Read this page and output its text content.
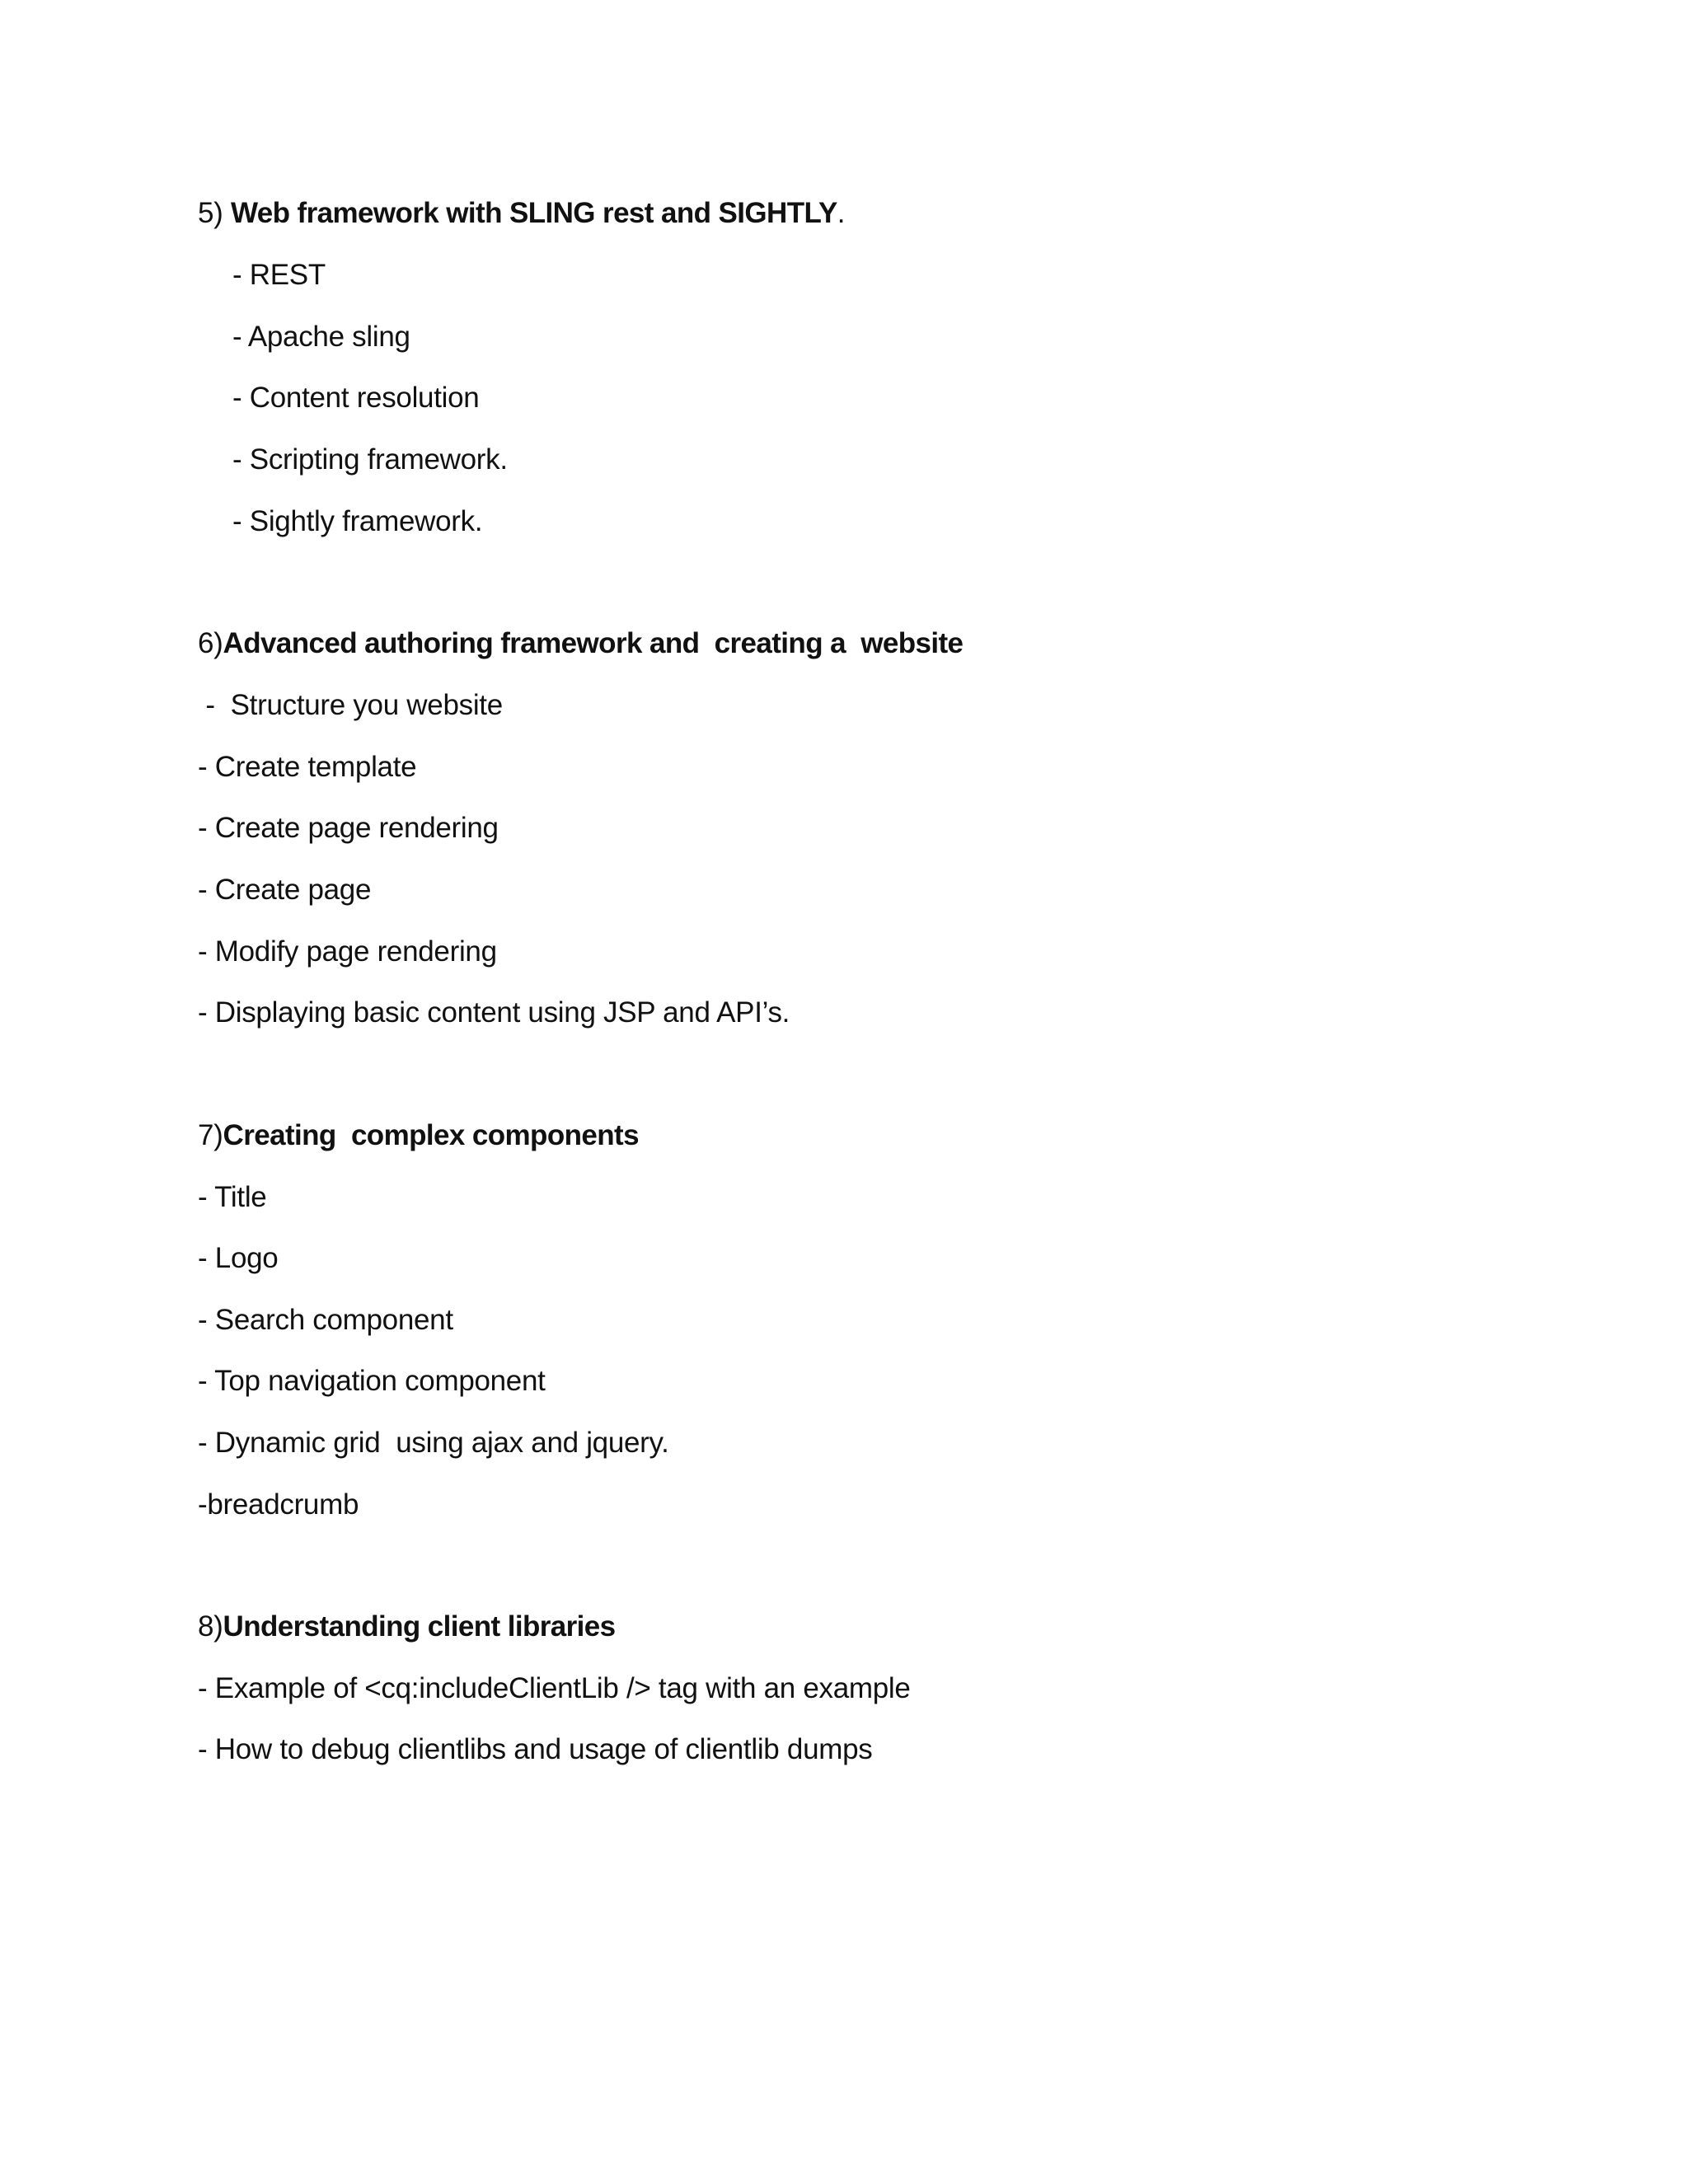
5) Web framework with SLING rest and SIGHTLY.
- REST
- Apache sling
- Content resolution
- Scripting framework.
- Sightly framework.
6)Advanced authoring framework and  creating a  website
-  Structure you website
- Create template
- Create page rendering
- Create page
- Modify page rendering
- Displaying basic content using JSP and API’s.
7)Creating  complex components
- Title
- Logo
- Search component
- Top navigation component
- Dynamic grid  using ajax and jquery.
-breadcrumb
8)Understanding client libraries
- Example of <cq:includeClientLib /> tag with an example
- How to debug clientlibs and usage of clientlib dumps
